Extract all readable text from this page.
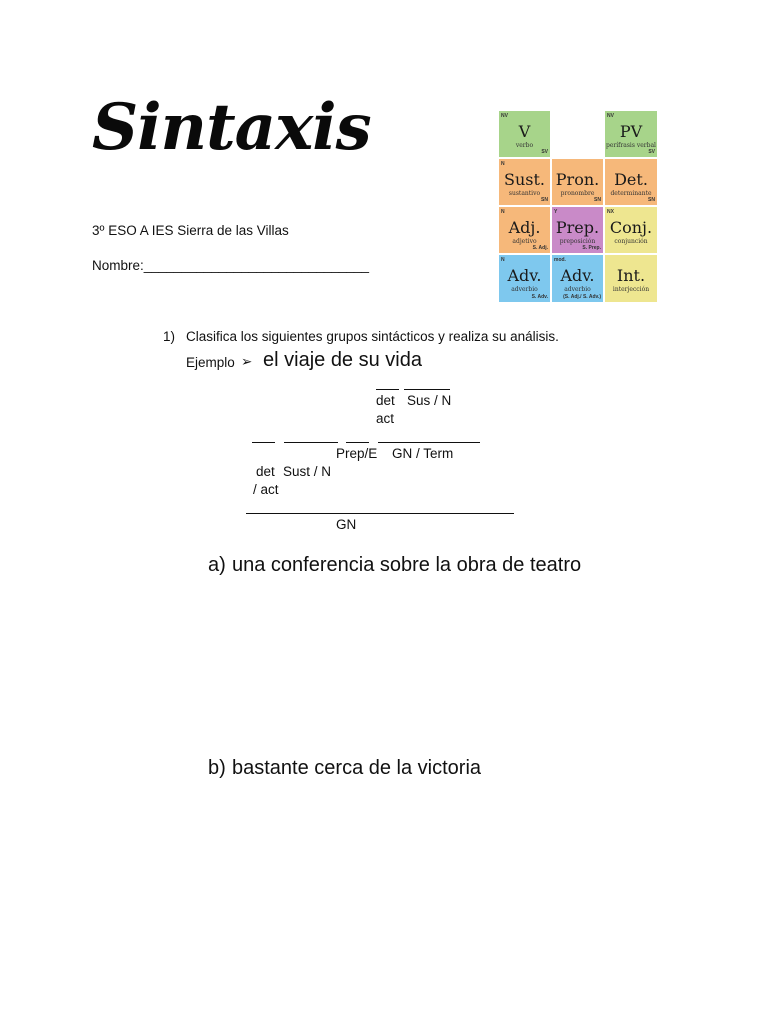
Sintaxis
3º ESO A IES Sierra de las Villas
Nombre:______________________________
NV
V
verbo
SV
NV
PV
perífrasis verbal
SV
N
Sust.
sustantivo
SN
Pron.
pronombre
SN
Det.
determinante
SN
N
Adj.
adjetivo
S. Adj.
Y
Prep.
preposición
S. Prep.
NX
Conj.
conjunción
N
Adv.
adverbio
S. Adv.
mod.
Adv.
adverbio
(S. Adj./ S. Adv.)
Int.
interjección
1) Clasifica los siguientes grupos sintácticos y realiza su análisis.
Ejemplo ➢ el viaje de su vida
det Sus / N
act
Prep/E GN / Term
det Sust / N
/ act
GN
a) una conferencia sobre la obra de teatro
b) bastante cerca de la victoria
